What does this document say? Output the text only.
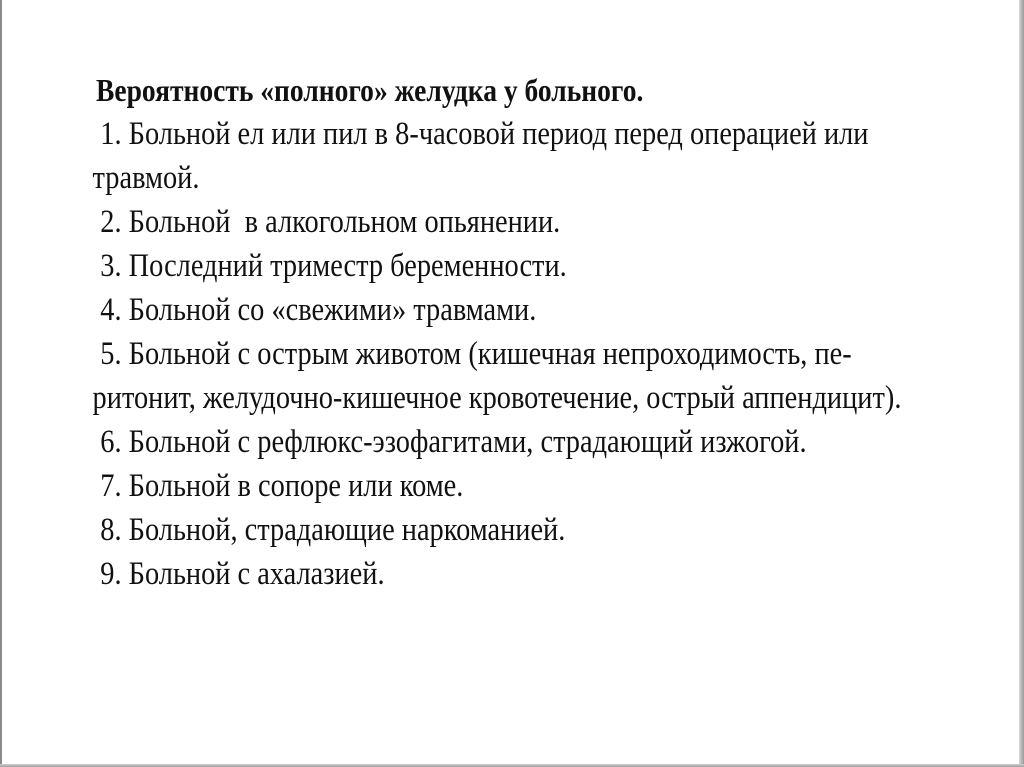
Вероятность «полного» желудка у больного.
1. Больной ел или пил в 8-часовой период перед операцией или
травмой.
2. Больной  в алкогольном опьянении.
3. Последний триместр беременности.
4. Больной со «свежими» травмами.
5. Больной с острым животом (кишечная непроходимость, пе-
ритонит, желудочно-кишечное кровотечение, острый аппендицит).
6. Больной с рефлюкс-эзофагитами, страдающий изжогой.
7. Больной в сопоре или коме.
8. Больной, страдающие наркоманией.
9. Больной с ахалазией.
